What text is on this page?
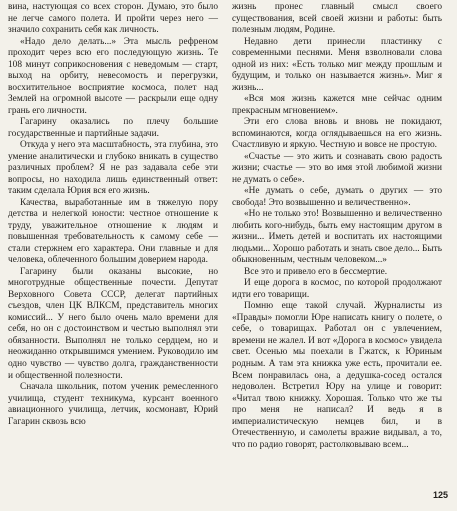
вина, настующая со всех сторон. Думаю, это было не легче самого полета. И пройти через него — значило сохранить себя как личность.

«Надо дело делать...» Эта мысль рефреном проходит через всю его последующую жизнь. Те 108 минут соприкосновения с неведомым — старт, выход на орбиту, невесомость и перегрузки, восхитительное восприятие космоса, полет над Землей на огромной высоте — раскрыли еще одну грань его личности.

Гагарину оказались по плечу большие государственные и партийные задачи.

Откуда у него эта масштабность, эта глубина, это умение аналитически и глубоко вникать в существо различных проблем? Я не раз задавала себе эти вопросы, но находила лишь единственный ответ: таким сделала Юрия вся его жизнь.

Качества, выработанные им в тяжелую пору детства и нелегкой юности: честное отношение к труду, уважительное отношение к людям и повышенная требовательность к самому себе — стали стержнем его характера. Они главные и для человека, облеченного большим доверием народа.

Гагарину были оказаны высокие, но многотрудные общественные почести. Депутат Верховного Совета СССР, делегат партийных съездов, член ЦК ВЛКСМ, представитель многих комиссий... У него было очень мало времени для себя, но он с достоинством и честью выполнял эти обязанности. Выполнял не только сердцем, но и неожиданно открывшимся умением. Руководило им одно чувство — чувство долга, гражданственности и общественной полезности.

Сначала школьник, потом ученик ремесленного училища, студент техникума, курсант военного авиационного училища, летчик, космонавт, Юрий Гагарин сквозь всю

жизнь пронес главный смысл своего существования, всей своей жизни и работы: быть полезным людям, Родине.

Недавно дети принесли пластинку с современными песнями. Меня взволновали слова одной из них: «Есть только миг между прошлым и будущим, и только он называется жизнь». Миг я жизнь...

«Вся моя жизнь кажется мне сейчас одним прекрасным мгновением».

Эти его слова вновь и вновь не покидают, вспоминаются, когда оглядываешься на его жизнь. Счастливую и яркую. Честную и вовсе не простую.

«Счастье — это жить и сознавать свою радость жизни; счастье — это во имя этой любимой жизни не думать о себе».

«Не думать о себе, думать о других — это свобода! Это возвышенно и величественно».

«Но не только это! Возвышенно и величественно любить кого-нибудь, быть ему настоящим другом в жизни... Иметь детей и воспитать их настоящими людьми... Хорошо работать и знать свое дело... Быть обыкновенным, честным человеком...»

Все это и привело его в бессмертие.

И еще дорога в космос, по которой продолжают идти его товарищи.

Помню еще такой случай. Журналисты из «Правды» помогли Юре написать книгу о полете, о себе, о товарищах. Работал он с увлечением, времени не жалел. И вот «Дорога в космос» увидела свет. Осенью мы поехали в Гжатск, к Юриным родным. А там эта книжка уже есть, прочитали ее. Всем понравилась она, а дедушка-сосед остался недоволен. Встретил Юру на улице и говорит: «Читал твою книжку. Хорошая. Только что же ты про меня не написал? И ведь я в империалистическую немцев бил, и в Отечественную, и самолеты вражие видывал, а то, что по радио говорят, растолковываю всем...

125
